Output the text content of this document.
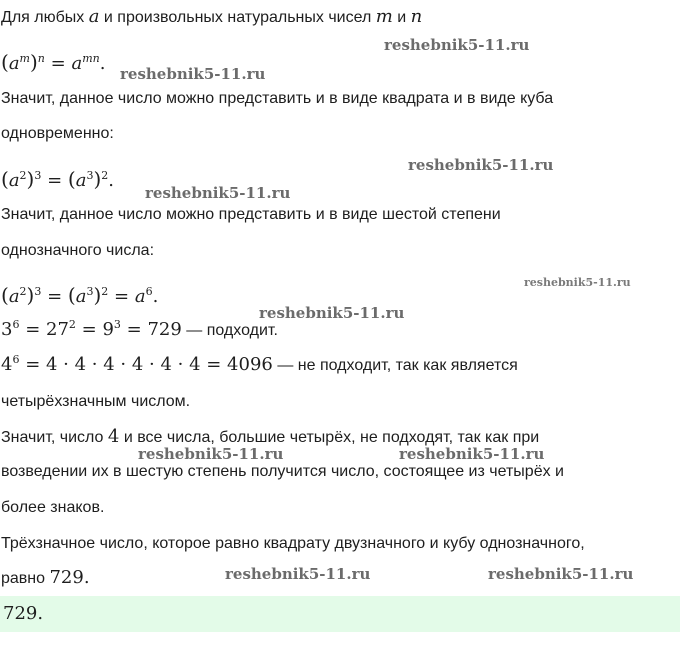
Для любых a и произвольных натуральных чисел m и n
$(a^m)^n = a^{mn}$.
Значит, данное число можно представить и в виде квадрата и в виде куба
одновременно:
$(a^2)^3 = (a^3)^2$.
Значит, данное число можно представить и в виде шестой степени
однозначного числа:
$(a^2)^3 = (a^3)^2 = a^6$.
$3^6 = 27^2 = 9^3 = 729$ — подходит.
$4^6 = 4 \cdot 4 \cdot 4 \cdot 4 \cdot 4 \cdot 4 = 4096$ — не подходит, так как является
четырёхзначным числом.
Значит, число 4 и все числа, большие четырёх, не подходят, так как при
возведении их в шестую степень получится число, состоящее из четырёх и
более знаков.
Трёхзначное число, которое равно квадрату двузначного и кубу однозначного,
равно 729.
729.
reshebnik5-11.ru
reshebnik5-11.ru
reshebnik5-11.ru
reshebnik5-11.ru
reshebnik5-11.ru
reshebnik5-11.ru
reshebnik5-11.ru	reshebnik5-11.ru
reshebnik5-11.ru	reshebnik5-11.ru
